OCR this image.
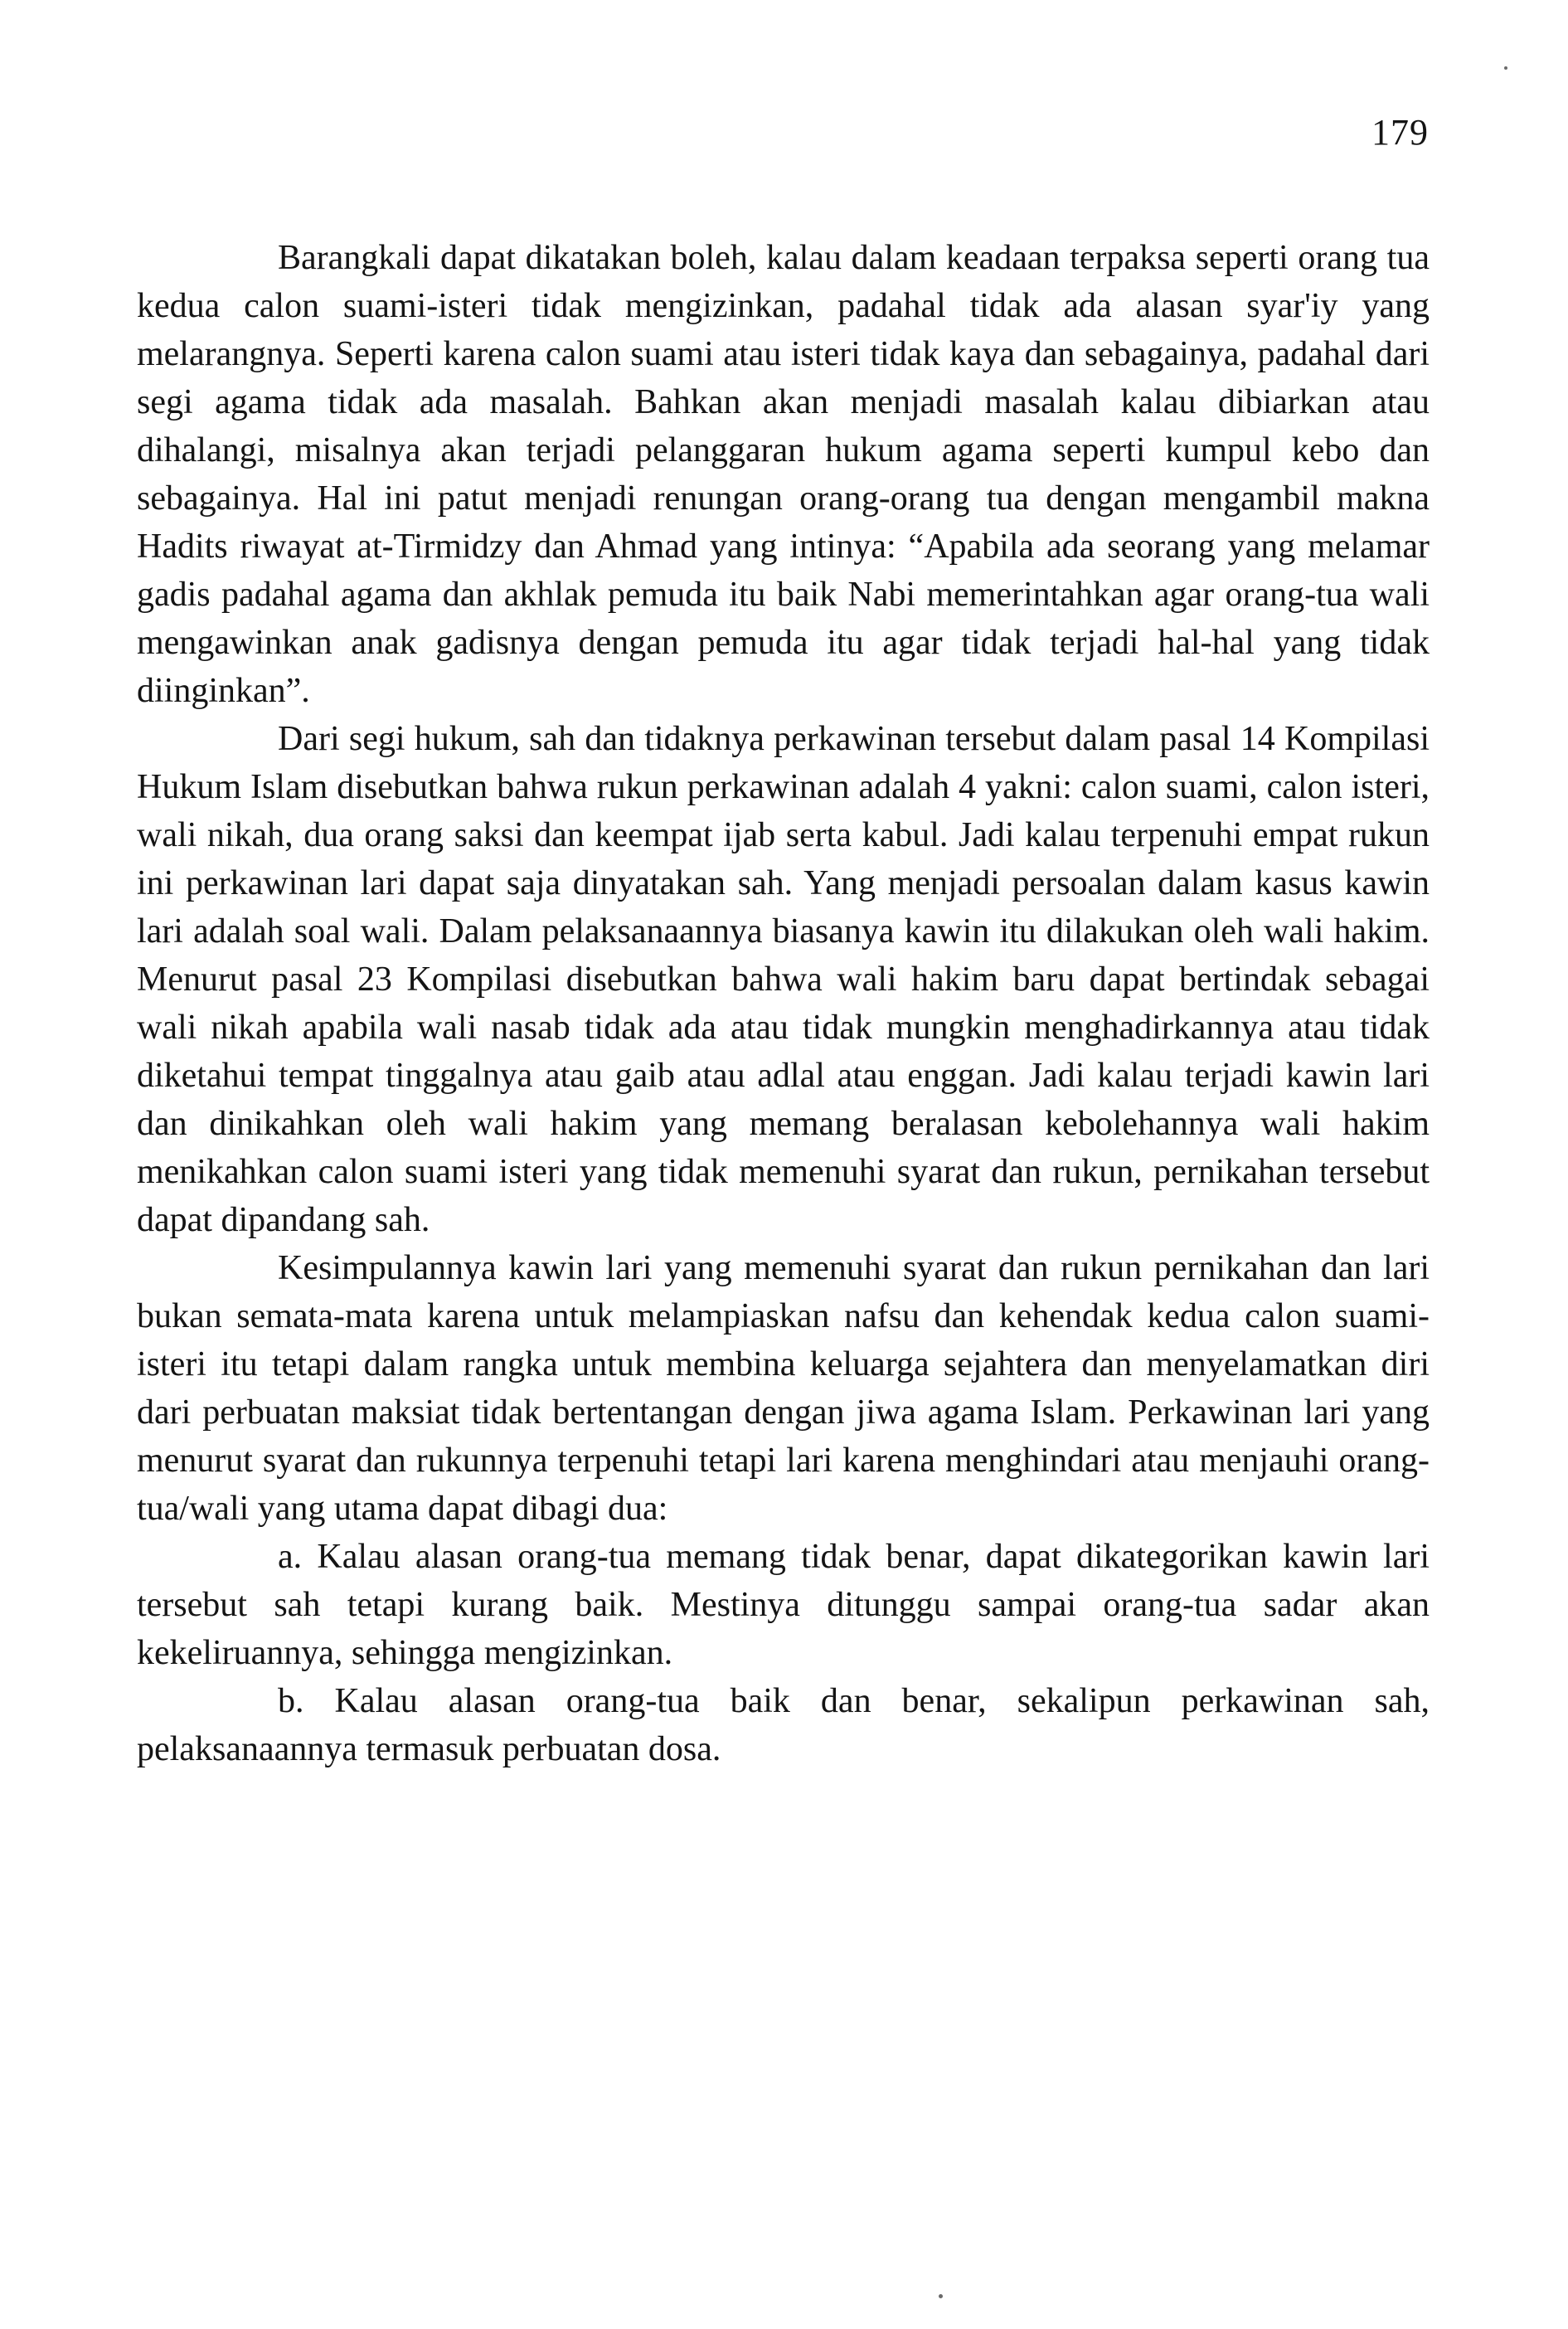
179

Barangkali dapat dikatakan boleh, kalau dalam keadaan terpaksa seperti orang tua kedua calon suami-isteri tidak mengizinkan, padahal tidak ada alasan syar'iy yang melarangnya. Seperti karena calon suami atau isteri tidak kaya dan sebagainya, padahal dari segi agama tidak ada masalah. Bahkan akan menjadi masalah kalau dibiarkan atau dihalangi, misalnya akan terjadi pelanggaran hukum agama seperti kumpul kebo dan sebagainya. Hal ini patut menjadi renungan orang-orang tua dengan mengambil makna Hadits riwayat at-Tirmidzy dan Ahmad yang intinya: “Apabila ada seorang yang melamar gadis padahal agama dan akhlak pemuda itu baik Nabi memerintahkan agar orang-tua wali mengawinkan anak gadisnya dengan pemuda itu agar tidak terjadi hal-hal yang tidak diinginkan”.

Dari segi hukum, sah dan tidaknya perkawinan tersebut dalam pasal 14 Kompilasi Hukum Islam disebutkan bahwa rukun perkawinan adalah 4 yakni: calon suami, calon isteri, wali nikah, dua orang saksi dan keempat ijab serta kabul. Jadi kalau terpenuhi empat rukun ini perkawinan lari dapat saja dinyatakan sah. Yang menjadi persoalan dalam kasus kawin lari adalah soal wali. Dalam pelaksanaannya biasanya kawin itu dilakukan oleh wali hakim. Menurut pasal 23 Kompilasi disebutkan bahwa wali hakim baru dapat bertindak sebagai wali nikah apabila wali nasab tidak ada atau tidak mungkin menghadirkannya atau tidak diketahui tempat tinggalnya atau gaib atau adlal atau enggan. Jadi kalau terjadi kawin lari dan dinikahkan oleh wali hakim yang memang beralasan kebolehannya wali hakim menikahkan calon suami isteri yang tidak memenuhi syarat dan rukun, pernikahan tersebut dapat dipandang sah.

Kesimpulannya kawin lari yang memenuhi syarat dan rukun pernikahan dan lari bukan semata-mata karena untuk melampiaskan nafsu dan kehendak kedua calon suami-isteri itu tetapi dalam rangka untuk membina keluarga sejahtera dan menyelamatkan diri dari perbuatan maksiat tidak bertentangan dengan jiwa agama Islam. Perkawinan lari yang menurut syarat dan rukunnya terpenuhi tetapi lari karena menghindari atau menjauhi orang-tua/wali yang utama dapat dibagi dua:

a. Kalau alasan orang-tua memang tidak benar, dapat dikategorikan kawin lari tersebut sah tetapi kurang baik. Mestinya ditunggu sampai orang-tua sadar akan kekeliruannya, sehingga mengizinkan.

b. Kalau alasan orang-tua baik dan benar, sekalipun perkawinan sah, pelaksanaannya termasuk perbuatan dosa.
